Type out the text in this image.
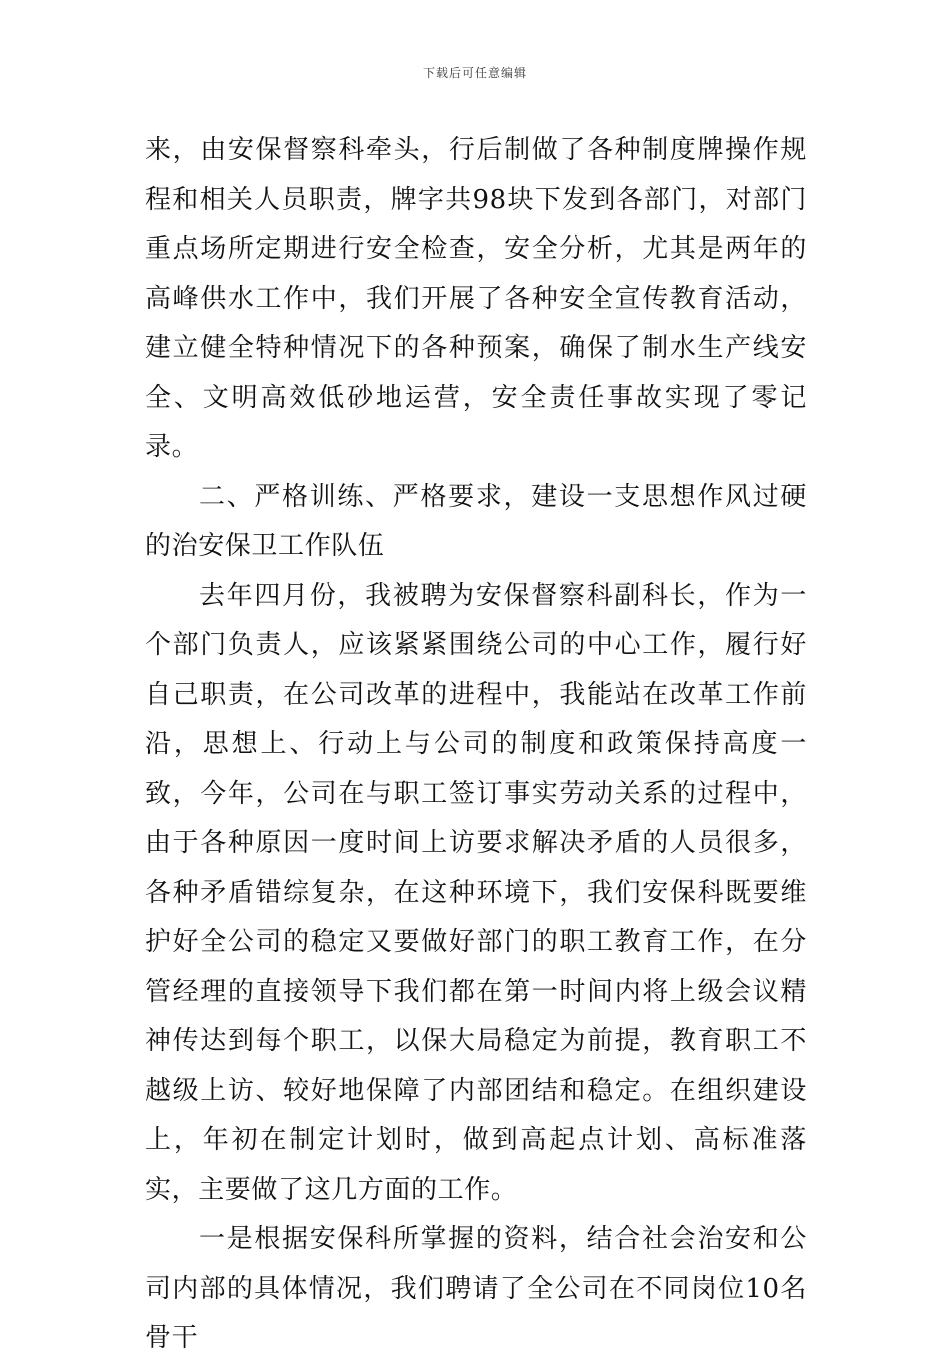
下载后可任意编辑

来，由安保督察科牵头，行后制做了各种制度牌操作规程和相关人员职责，牌字共98块下发到各部门，对部门重点场所定期进行安全检查，安全分析，尤其是两年的高峰供水工作中，我们开展了各种安全宣传教育活动，建立健全特种情况下的各种预案，确保了制水生产线安全、文明高效低砂地运营，安全责任事故实现了零记录。

二、严格训练、严格要求，建设一支思想作风过硬的治安保卫工作队伍

去年四月份，我被聘为安保督察科副科长，作为一个部门负责人，应该紧紧围绕公司的中心工作，履行好自己职责，在公司改革的进程中，我能站在改革工作前沿，思想上、行动上与公司的制度和政策保持高度一致，今年，公司在与职工签订事实劳动关系的过程中，由于各种原因一度时间上访要求解决矛盾的人员很多，各种矛盾错综复杂，在这种环境下，我们安保科既要维护好全公司的稳定又要做好部门的职工教育工作，在分管经理的直接领导下我们都在第一时间内将上级会议精神传达到每个职工，以保大局稳定为前提，教育职工不越级上访、较好地保障了内部团结和稳定。在组织建设上，年初在制定计划时，做到高起点计划、高标准落实，主要做了这几方面的工作。

一是根据安保科所掌握的资料，结合社会治安和公司内部的具体情况，我们聘请了全公司在不同岗位10名骨干
